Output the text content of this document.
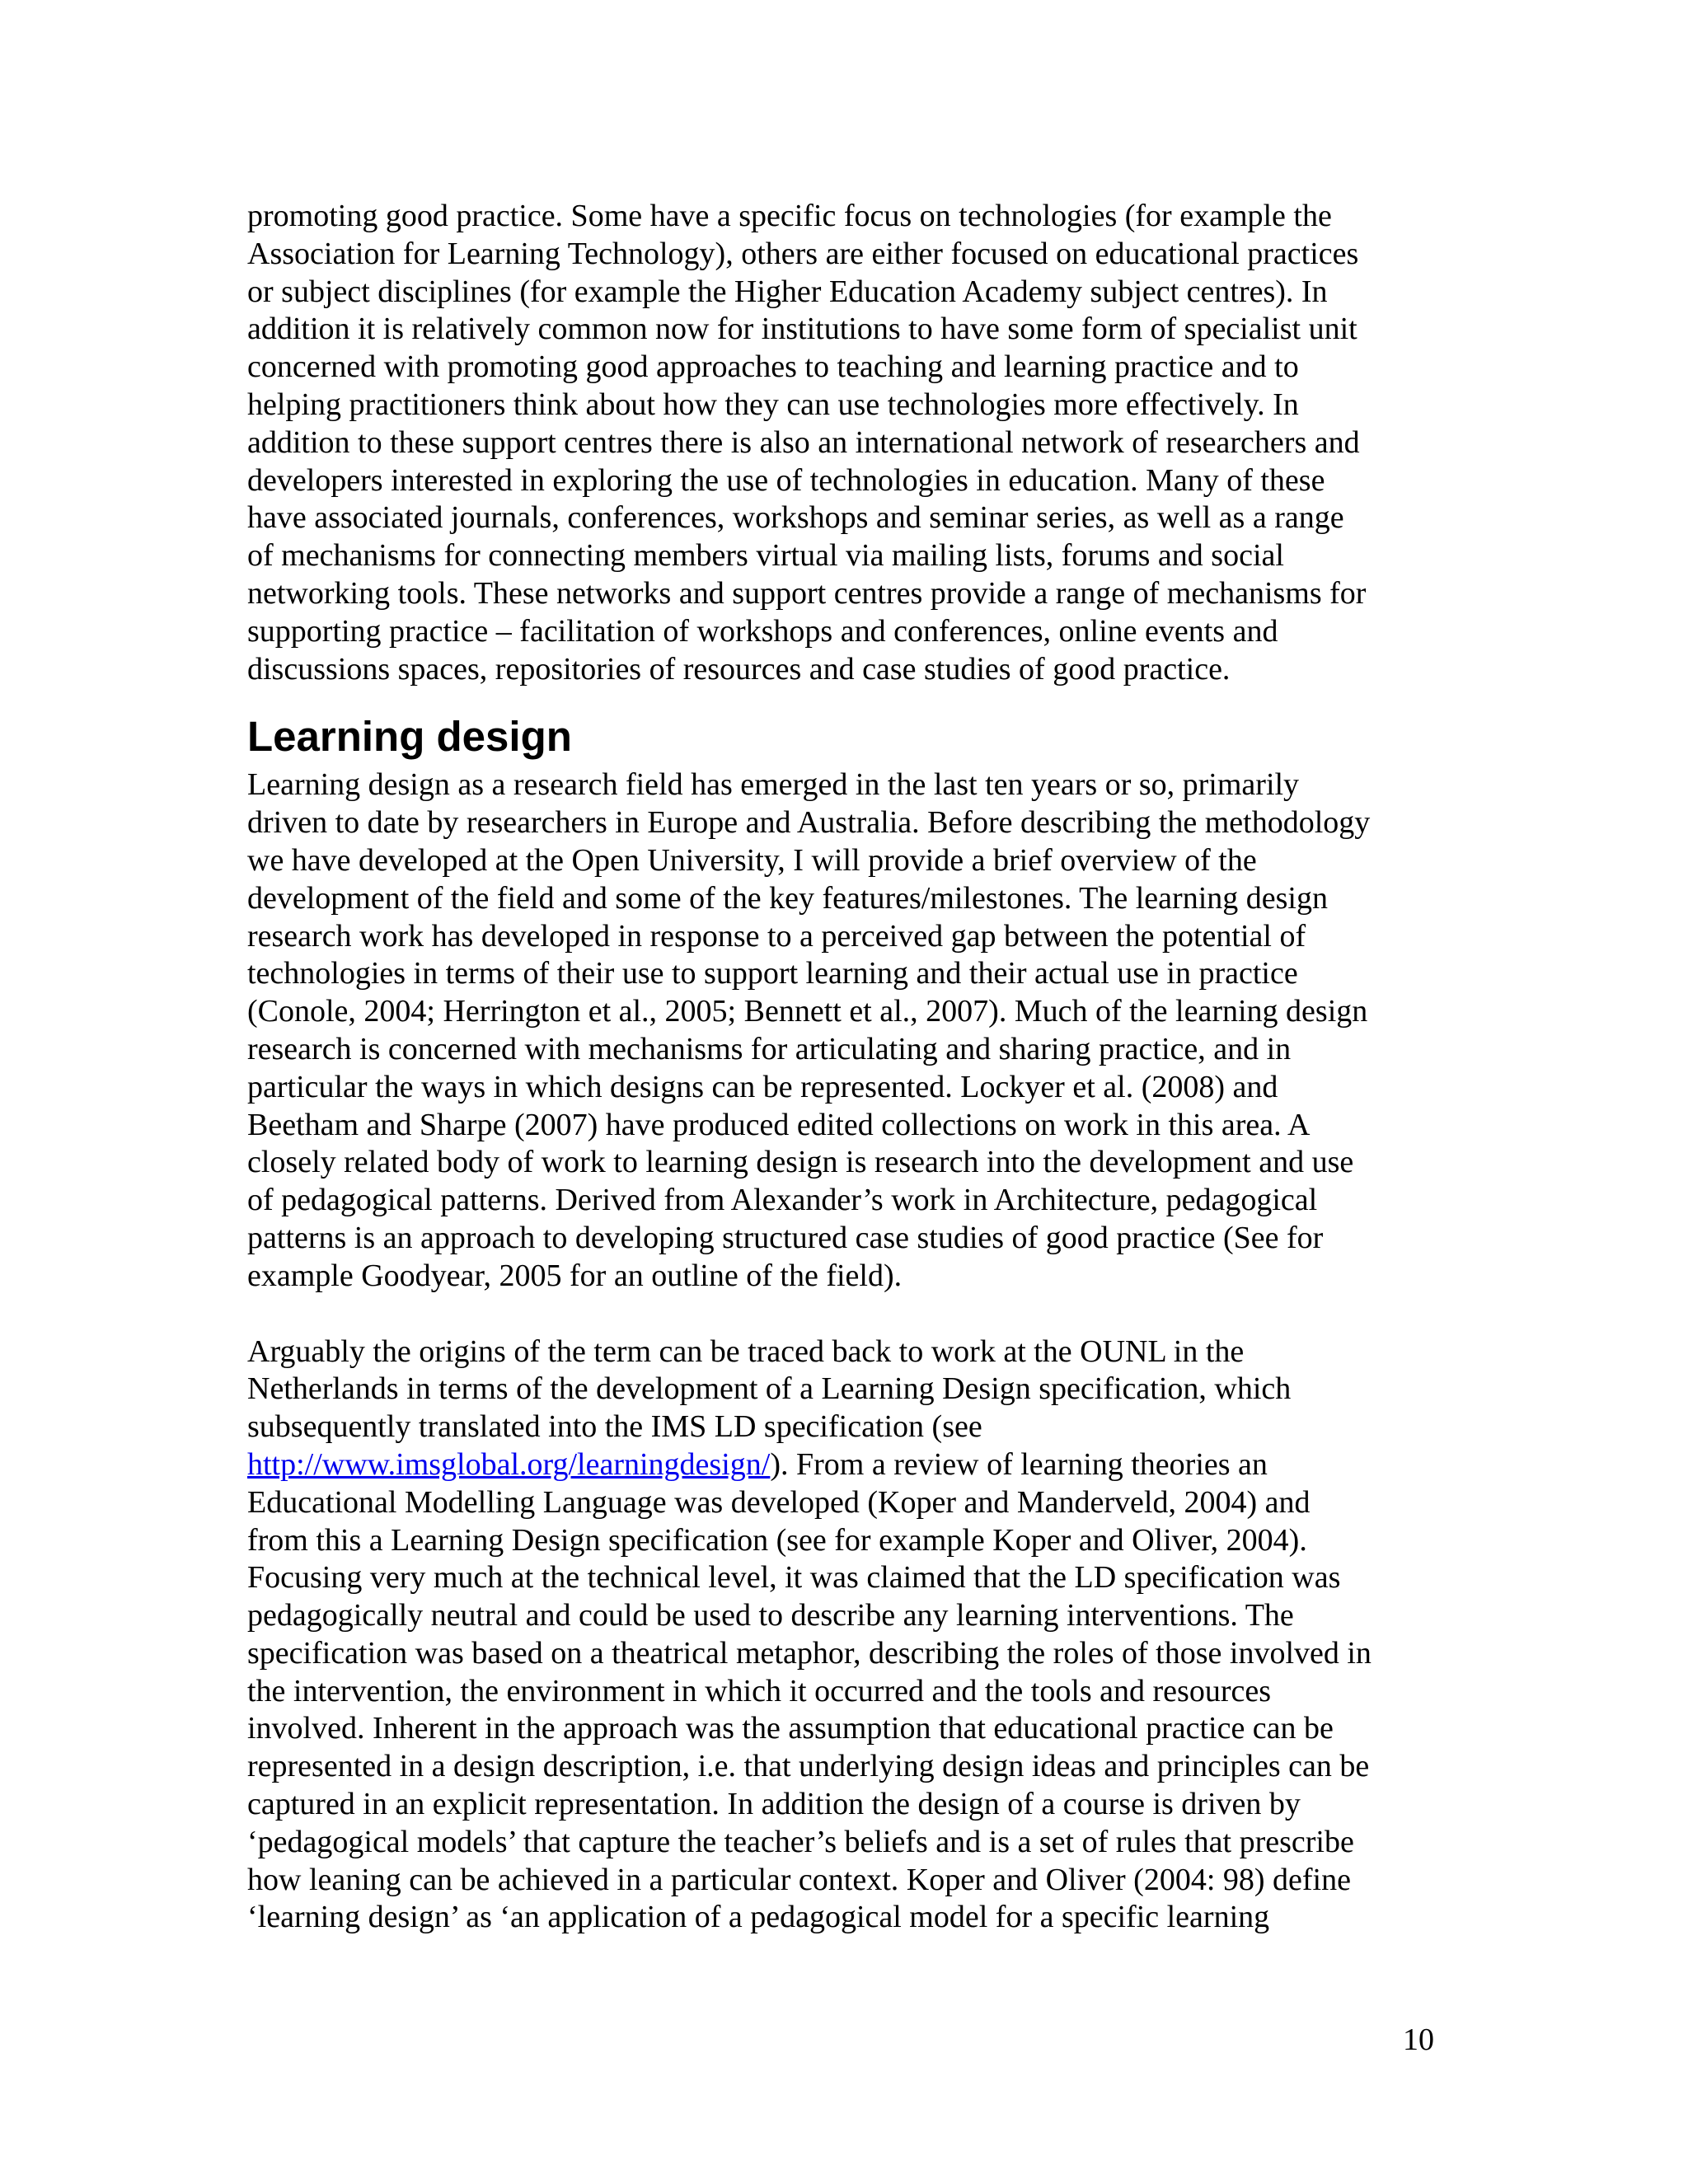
promoting good practice. Some have a specific focus on technologies (for example the
Association for Learning Technology), others are either focused on educational practices
or subject disciplines (for example the Higher Education Academy subject centres). In
addition it is relatively common now for institutions to have some form of specialist unit
concerned with promoting good approaches to teaching and learning practice and to
helping practitioners think about how they can use technologies more effectively. In
addition to these support centres there is also an international network of researchers and
developers interested in exploring the use of technologies in education. Many of these
have associated journals, conferences, workshops and seminar series, as well as a range
of mechanisms for connecting members virtual via mailing lists, forums and social
networking tools. These networks and support centres provide a range of mechanisms for
supporting practice – facilitation of workshops and conferences, online events and
discussions spaces, repositories of resources and case studies of good practice.

Learning design

Learning design as a research field has emerged in the last ten years or so, primarily
driven to date by researchers in Europe and Australia. Before describing the methodology
we have developed at the Open University, I will provide a brief overview of the
development of the field and some of the key features/milestones. The learning design
research work has developed in response to a perceived gap between the potential of
technologies in terms of their use to support learning and their actual use in practice
(Conole, 2004; Herrington et al., 2005; Bennett et al., 2007). Much of the learning design
research is concerned with mechanisms for articulating and sharing practice, and in
particular the ways in which designs can be represented. Lockyer et al. (2008) and
Beetham and Sharpe (2007) have produced edited collections on work in this area. A
closely related body of work to learning design is research into the development and use
of pedagogical patterns. Derived from Alexander’s work in Architecture, pedagogical
patterns is an approach to developing structured case studies of good practice (See for
example Goodyear, 2005 for an outline of the field).

Arguably the origins of the term can be traced back to work at the OUNL in the
Netherlands in terms of the development of a Learning Design specification, which
subsequently translated into the IMS LD specification (see
http://www.imsglobal.org/learningdesign/). From a review of learning theories an
Educational Modelling Language was developed (Koper and Manderveld, 2004) and
from this a Learning Design specification (see for example Koper and Oliver, 2004).
Focusing very much at the technical level, it was claimed that the LD specification was
pedagogically neutral and could be used to describe any learning interventions. The
specification was based on a theatrical metaphor, describing the roles of those involved in
the intervention, the environment in which it occurred and the tools and resources
involved. Inherent in the approach was the assumption that educational practice can be
represented in a design description, i.e. that underlying design ideas and principles can be
captured in an explicit representation. In addition the design of a course is driven by
‘pedagogical models’ that capture the teacher’s beliefs and is a set of rules that prescribe
how leaning can be achieved in a particular context. Koper and Oliver (2004: 98) define
‘learning design’ as ‘an application of a pedagogical model for a specific learning

10
